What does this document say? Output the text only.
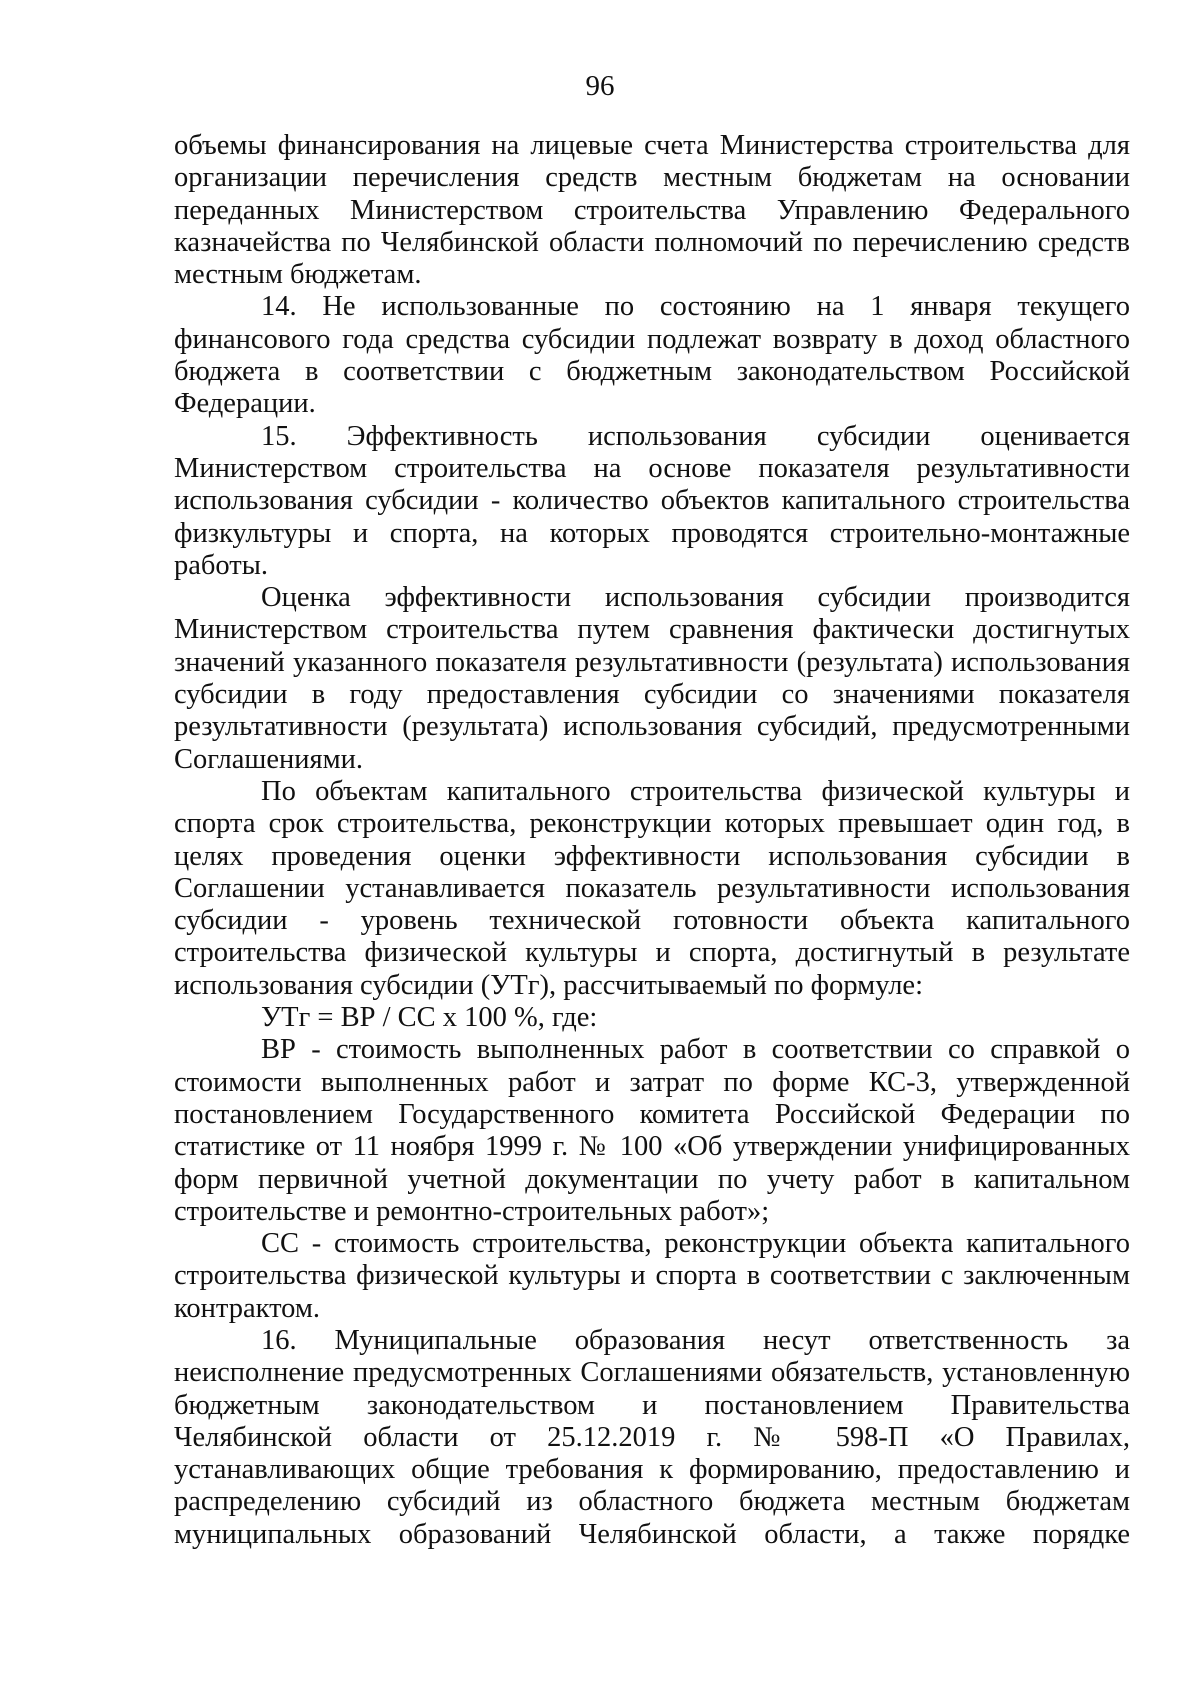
96

объемы финансирования на лицевые счета Министерства строительства для организации перечисления средств местным бюджетам на основании переданных Министерством строительства Управлению Федерального казначейства по Челябинской области полномочий по перечислению средств местным бюджетам.

14. Не использованные по состоянию на 1 января текущего финансового года средства субсидии подлежат возврату в доход областного бюджета в соответствии с бюджетным законодательством Российской Федерации.

15. Эффективность использования субсидии оценивается Министерством строительства на основе показателя результативности использования субсидии - количество объектов капитального строительства физкультуры и спорта, на которых проводятся строительно-монтажные работы.

Оценка эффективности использования субсидии производится Министерством строительства путем сравнения фактически достигнутых значений указанного показателя результативности (результата) использования субсидии в году предоставления субсидии со значениями показателя результативности (результата) использования субсидий, предусмотренными Соглашениями.

По объектам капитального строительства физической культуры и спорта срок строительства, реконструкции которых превышает один год, в целях проведения оценки эффективности использования субсидии в Соглашении устанавливается показатель результативности использования субсидии - уровень технической готовности объекта капитального строительства физической культуры и спорта, достигнутый в результате использования субсидии (УТг), рассчитываемый по формуле:

УТг = ВР / СС х 100 %, где:

ВР - стоимость выполненных работ в соответствии со справкой о стоимости выполненных работ и затрат по форме КС-3, утвержденной постановлением Государственного комитета Российской Федерации по статистике от 11 ноября 1999 г. № 100 «Об утверждении унифицированных форм первичной учетной документации по учету работ в капитальном строительстве и ремонтно-строительных работ»;

СС - стоимость строительства, реконструкции объекта капитального строительства физической культуры и спорта в соответствии с заключенным контрактом.

16. Муниципальные образования несут ответственность за неисполнение предусмотренных Соглашениями обязательств, установленную бюджетным законодательством и постановлением Правительства Челябинской области от 25.12.2019 г. № 598-П «О Правилах, устанавливающих общие требования к формированию, предоставлению и распределению субсидий из областного бюджета местным бюджетам муниципальных образований Челябинской области, а также порядке
